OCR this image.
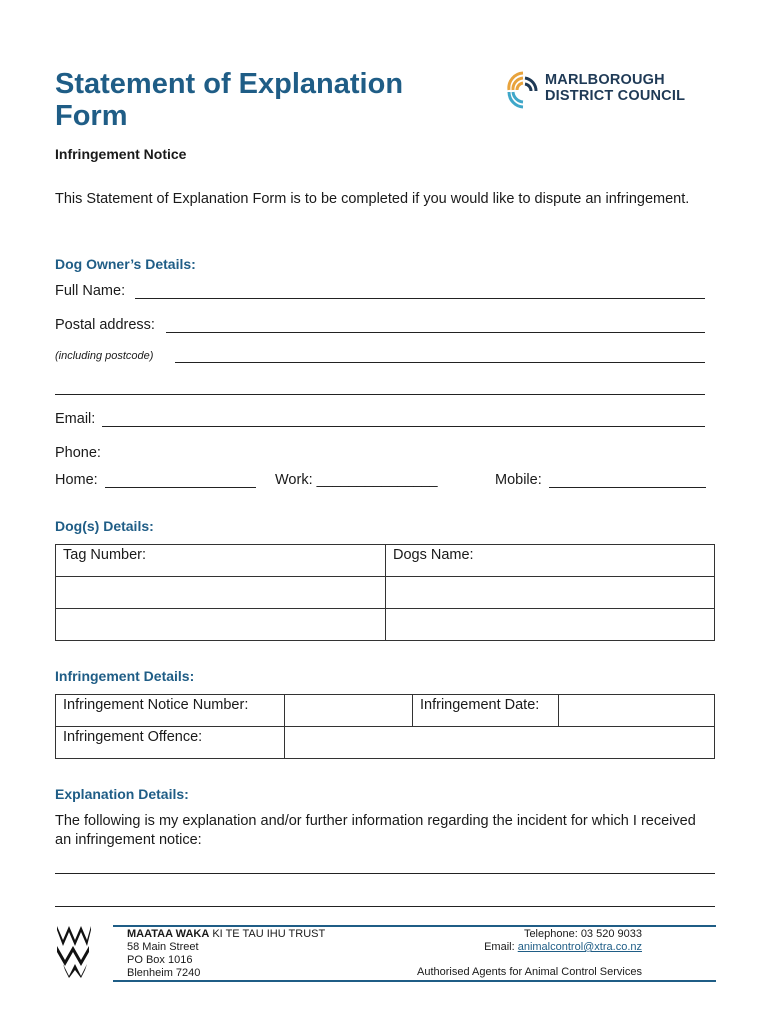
Statement of Explanation
Form
MARLBOROUGH
DISTRICT COUNCIL
Infringement Notice
This Statement of Explanation Form is to be completed if you would like to dispute an infringement.
Dog Owner’s Details:
Full Name:
Postal address:
(including postcode)
Email:
Phone:
Home:	Work: _______________	Mobile:
Dog(s) Details:
Tag Number:	Dogs Name:

Infringement Details:
Infringement Notice Number:		Infringement Date:	
Infringement Offence:			
Explanation Details:
The following is my explanation and/or further information regarding the incident for which I received an infringement notice:
MAATAA WAKA KI TE TAU IHU TRUST
58 Main Street
PO Box 1016
Blenheim 7240
Telephone: 03 520 9033
Email: animalcontrol@xtra.co.nz
Authorised Agents for Animal Control Services
